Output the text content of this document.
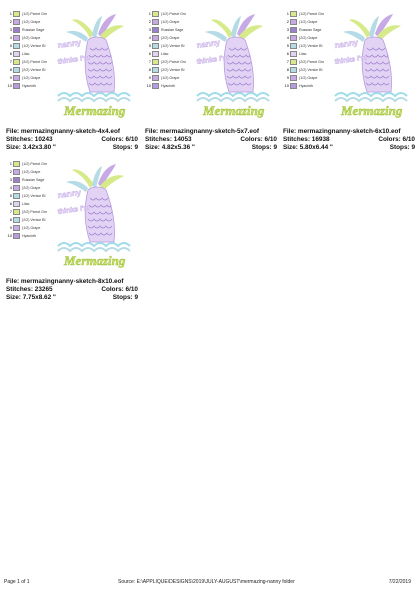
1	(1/2) Parrot Grn
2	(1/2) Grape
3	Russian Sage
4	(2/2) Grape
5	(1/2) Venice Bl
6	Lilac
7	(2/2) Parrot Grn
8	(2/2) Venice Bl
9	(1/2) Grape
10	Hyacinth
nanny
thinks I'm
Mermazing
File: mermazingnanny-sketch-4x4.eof
Stitches: 10243	Colors: 6/10
Size: 3.42x3.80 "	Stops: 9
1	(1/2) Parrot Grn
2	(1/2) Grape
3	Russian Sage
4	(2/2) Grape
5	(1/2) Venice Bl
6	Lilac
7	(2/2) Parrot Grn
8	(2/2) Venice Bl
9	(1/2) Grape
10	Hyacinth
nanny
thinks I'm
Mermazing
File: mermazingnanny-sketch-5x7.eof
Stitches: 14053	Colors: 6/10
Size: 4.82x5.36 "	Stops: 9
1	(1/2) Parrot Grn
2	(1/2) Grape
3	Russian Sage
4	(2/2) Grape
5	(1/2) Venice Bl
6	Lilac
7	(2/2) Parrot Grn
8	(2/2) Venice Bl
9	(1/2) Grape
10	Hyacinth
nanny
thinks I'm
Mermazing
File: mermazingnanny-sketch-6x10.eof
Stitches: 16938	Colors: 6/10
Size: 5.80x6.44 "	Stops: 9
1	(1/2) Parrot Grn
2	(1/2) Grape
3	Russian Sage
4	(2/2) Grape
5	(1/2) Venice Bl
6	Lilac
7	(2/2) Parrot Grn
8	(2/2) Venice Bl
9	(1/2) Grape
10	Hyacinth
nanny
thinks I'm
Mermazing
File: mermazingnanny-sketch-8x10.eof
Stitches: 23265	Colors: 6/10
Size: 7.75x8.62 "	Stops: 9
Page 1 of 1	Source: E:\APPLIQUE\DESIGNS\2019\JULY-AUGUST\mermazing-nanny folder	7/22/2019
